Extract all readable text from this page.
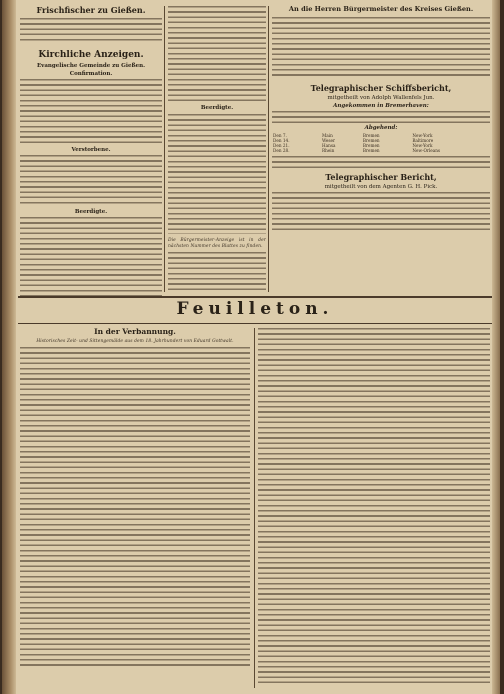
Frischfischer zu Gießen.
Kirchliche Anzeigen.
Evangelische Gemeinde zu Gießen.
Confirmation.
Verstorbene.
Beerdigte.
Beerdigte.
Die Bürgermeister-Anzeige ist in der nächsten Nummer des Blattes zu finden.
An die Herren Bürgermeister des Kreises Gießen.
Telegraphischer Schiffsbericht,
mitgetheilt von Adolph Wallenfels Jun.
Angekommen in Bremerhaven:
Abgehend:
Den 7.	Main	Bremen	New-York
Den 14.	Weser	Bremen	Baltimore
Den 21.	Hansa	Bremen	New-York
Den 28.	Rhein	Bremen	New-Orleans
Telegraphischer Bericht,
mitgetheilt von dem Agenten G. H. Pick.
Feuilleton.
In der Verbannung.
Historisches Zeit- und Sittengemälde aus dem 18. Jahrhundert von Eduard Gottwalt.
